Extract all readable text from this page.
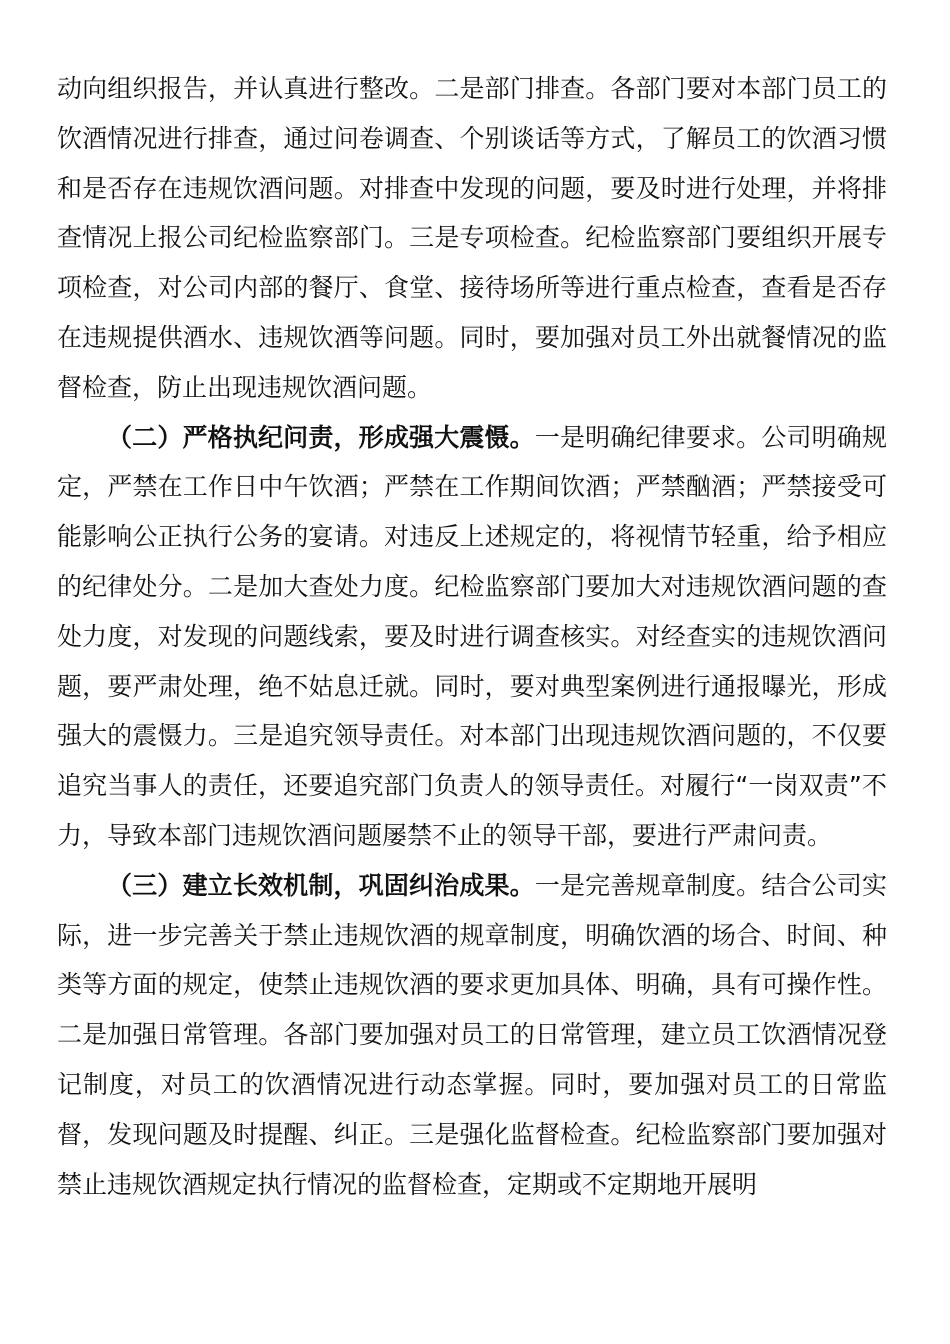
动向组织报告，并认真进行整改。二是部门排查。各部门要对本部门员工的饮酒情况进行排查，通过问卷调查、个别谈话等方式，了解员工的饮酒习惯和是否存在违规饮酒问题。对排查中发现的问题，要及时进行处理，并将排查情况上报公司纪检监察部门。三是专项检查。纪检监察部门要组织开展专项检查，对公司内部的餐厅、食堂、接待场所等进行重点检查，查看是否存在违规提供酒水、违规饮酒等问题。同时，要加强对员工外出就餐情况的监督检查，防止出现违规饮酒问题。

（二）严格执纪问责，形成强大震慑。一是明确纪律要求。公司明确规定，严禁在工作日中午饮酒；严禁在工作期间饮酒；严禁酗酒；严禁接受可能影响公正执行公务的宴请。对违反上述规定的，将视情节轻重，给予相应的纪律处分。二是加大查处力度。纪检监察部门要加大对违规饮酒问题的查处力度，对发现的问题线索，要及时进行调查核实。对经查实的违规饮酒问题，要严肃处理，绝不姑息迁就。同时，要对典型案例进行通报曝光，形成强大的震慑力。三是追究领导责任。对本部门出现违规饮酒问题的，不仅要追究当事人的责任，还要追究部门负责人的领导责任。对履行“一岗双责”不力，导致本部门违规饮酒问题屡禁不止的领导干部，要进行严肃问责。

（三）建立长效机制，巩固纠治成果。一是完善规章制度。结合公司实际，进一步完善关于禁止违规饮酒的规章制度，明确饮酒的场合、时间、种类等方面的规定，使禁止违规饮酒的要求更加具体、明确，具有可操作性。二是加强日常管理。各部门要加强对员工的日常管理，建立员工饮酒情况登记制度，对员工的饮酒情况进行动态掌握。同时，要加强对员工的日常监督，发现问题及时提醒、纠正。三是强化监督检查。纪检监察部门要加强对禁止违规饮酒规定执行情况的监督检查，定期或不定期地开展明
